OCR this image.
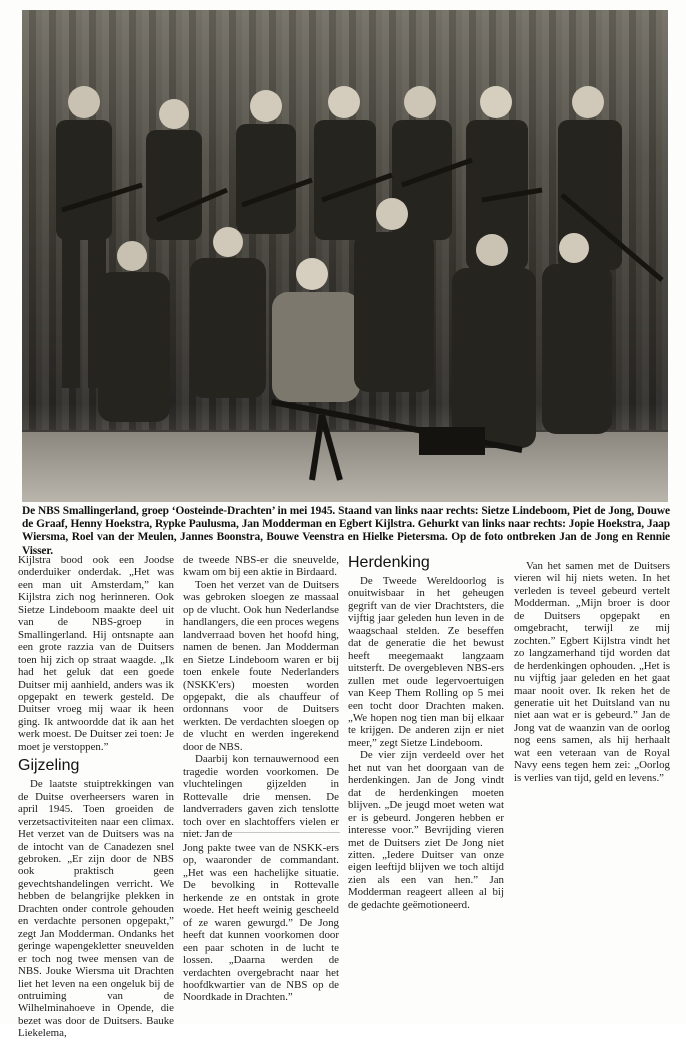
De NBS Smallingerland, groep ‘Oosteinde-Drachten’ in mei 1945. Staand van links naar rechts: Sietze Lindeboom, Piet de Jong, Douwe de Graaf, Henny Hoekstra, Rypke Paulusma, Jan Modderman en Egbert Kijlstra. Gehurkt van links naar rechts: Jopie Hoekstra, Jaap Wiersma, Roel van der Meulen, Jannes Boonstra, Bouwe Veenstra en Hielke Pietersma. Op de foto ontbreken Jan de Jong en Rennie Visser.

Kijlstra bood ook een Joodse onderduiker onderdak. „Het was een man uit Amsterdam,” kan Kijlstra zich nog herinneren. Ook Sietze Lindeboom maakte deel uit van de NBS-groep in Smallingerland. Hij ontsnapte aan een grote razzia van de Duitsers toen hij zich op straat waagde. „Ik had het geluk dat een goede Duitser mij aanhield, anders was ik opgepakt en tewerk gesteld. De Duitser vroeg mij waar ik heen ging. Ik antwoordde dat ik aan het werk moest. De Duitser zei toen: Je moet je verstoppen.”

Gijzeling

De laatste stuiptrekkingen van de Duitse overheersers waren in april 1945. Toen groeiden de verzetsactiviteiten naar een climax. Het verzet van de Duitsers was na de intocht van de Canadezen snel gebroken. „Er zijn door de NBS ook praktisch geen gevechtshandelingen verricht. We hebben de belangrijke plekken in Drachten onder controle gehouden en verdachte personen opgepakt,” zegt Jan Modderman. Ondanks het geringe wapengekletter sneuvelden er toch nog twee mensen van de NBS. Jouke Wiersma uit Drachten liet het leven na een ongeluk bij de ontruiming van de Wilhelminahoeve in Opende, die bezet was door de Duitsers. Bauke Liekelema,

de tweede NBS-er die sneuvelde, kwam om bij een aktie in Birdaard.

Toen het verzet van de Duitsers was gebroken sloegen ze massaal op de vlucht. Ook hun Nederlandse handlangers, die een proces wegens landverraad boven het hoofd hing, namen de benen. Jan Modderman en Sietze Lindeboom waren er bij toen enkele foute Nederlanders (NSKK'ers) moesten worden opgepakt, die als chauffeur of ordonnans voor de Duitsers werkten. De verdachten sloegen op de vlucht en werden ingerekend door de NBS.

Daarbij kon ternauwernood een tragedie worden voorkomen. De vluchtelingen gijzelden in Rottevalle drie mensen. De landverraders gaven zich tenslotte toch over en slachtoffers vielen er niet. Jan de

Jong pakte twee van de NSKK-ers op, waaronder de commandant. „Het was een hachelijke situatie. De bevolking in Rottevalle herkende ze en ontstak in grote woede. Het heeft weinig gescheeld of ze waren gewurgd.” De Jong heeft dat kunnen voorkomen door een paar schoten in de lucht te lossen. „Daarna werden de verdachten overgebracht naar het hoofdkwartier van de NBS op de Noordkade in Drachten.”

Herdenking

De Tweede Wereldoorlog is onuitwisbaar in het geheugen gegrift van de vier Drachtsters, die vijftig jaar geleden hun leven in de waagschaal stelden. Ze beseffen dat de generatie die het bewust heeft meegemaakt langzaam uitsterft. De overgebleven NBS-ers zullen met oude legervoertuigen van Keep Them Rolling op 5 mei een tocht door Drachten maken. „We hopen nog tien man bij elkaar te krijgen. De anderen zijn er niet meer,” zegt Sietze Lindeboom.

De vier zijn verdeeld over het het nut van het doorgaan van de herdenkingen. Jan de Jong vindt dat de herdenkingen moeten blijven. „De jeugd moet weten wat er is gebeurd. Jongeren hebben er interesse voor.” Bevrijding vieren met de Duitsers ziet De Jong niet zitten. „Iedere Duitser van onze eigen leeftijd blijven we toch altijd zien als een van hen.” Jan Modderman reageert alleen al bij de gedachte geëmotioneerd.

Van het samen met de Duitsers vieren wil hij niets weten. In het verleden is teveel gebeurd vertelt Modderman. „Mijn broer is door de Duitsers opgepakt en omgebracht, terwijl ze mij zochten.” Egbert Kijlstra vindt het zo langzamerhand tijd worden dat de herdenkingen ophouden. „Het is nu vijftig jaar geleden en het gaat maar nooit over. Ik reken het de generatie uit het Duitsland van nu niet aan wat er is gebeurd.” Jan de Jong vat de waanzin van de oorlog nog eens samen, als hij herhaalt wat een veteraan van de Royal Navy eens tegen hem zei: „Oorlog is verlies van tijd, geld en levens.”
